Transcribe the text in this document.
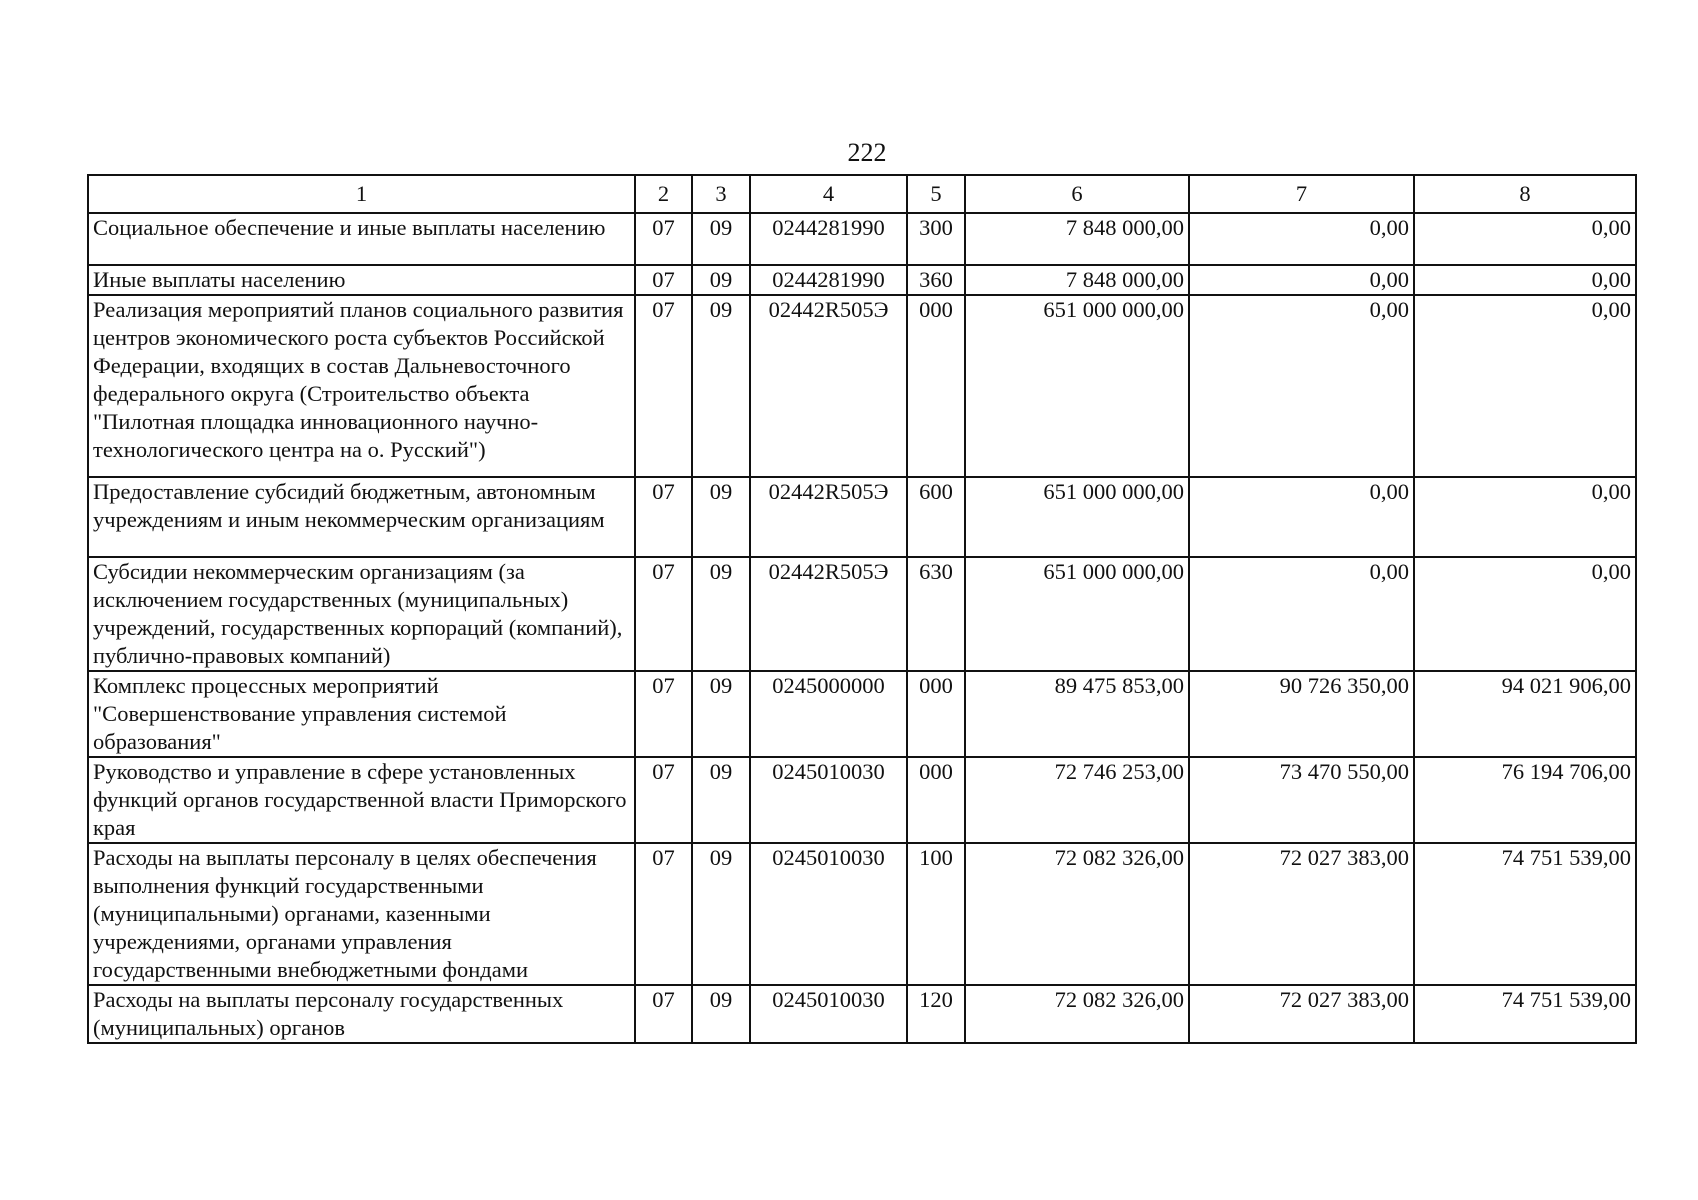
222
1	2	3	4	5	6	7	8
Социальное обеспечение и иные выплаты населению	07	09	0244281990	300	7 848 000,00	0,00	0,00
Иные выплаты населению	07	09	0244281990	360	7 848 000,00	0,00	0,00
Реализация мероприятий планов социального развития центров экономического роста субъектов Российской Федерации, входящих в состав Дальневосточного федерального округа (Строительство объекта "Пилотная площадка инновационного научно-технологического центра на о. Русский")	07	09	02442R505Э	000	651 000 000,00	0,00	0,00
Предоставление субсидий бюджетным, автономным учреждениям и иным некоммерческим организациям	07	09	02442R505Э	600	651 000 000,00	0,00	0,00
Субсидии некоммерческим организациям (за исключением государственных (муниципальных) учреждений, государственных корпораций (компаний), публично-правовых компаний)	07	09	02442R505Э	630	651 000 000,00	0,00	0,00
Комплекс процессных мероприятий "Совершенствование управления системой образования"	07	09	0245000000	000	89 475 853,00	90 726 350,00	94 021 906,00
Руководство и управление в сфере установленных функций органов государственной власти Приморского края	07	09	0245010030	000	72 746 253,00	73 470 550,00	76 194 706,00
Расходы на выплаты персоналу в целях обеспечения выполнения функций государственными (муниципальными) органами, казенными учреждениями, органами управления государственными внебюджетными фондами	07	09	0245010030	100	72 082 326,00	72 027 383,00	74 751 539,00
Расходы на выплаты персоналу государственных (муниципальных) органов	07	09	0245010030	120	72 082 326,00	72 027 383,00	74 751 539,00
